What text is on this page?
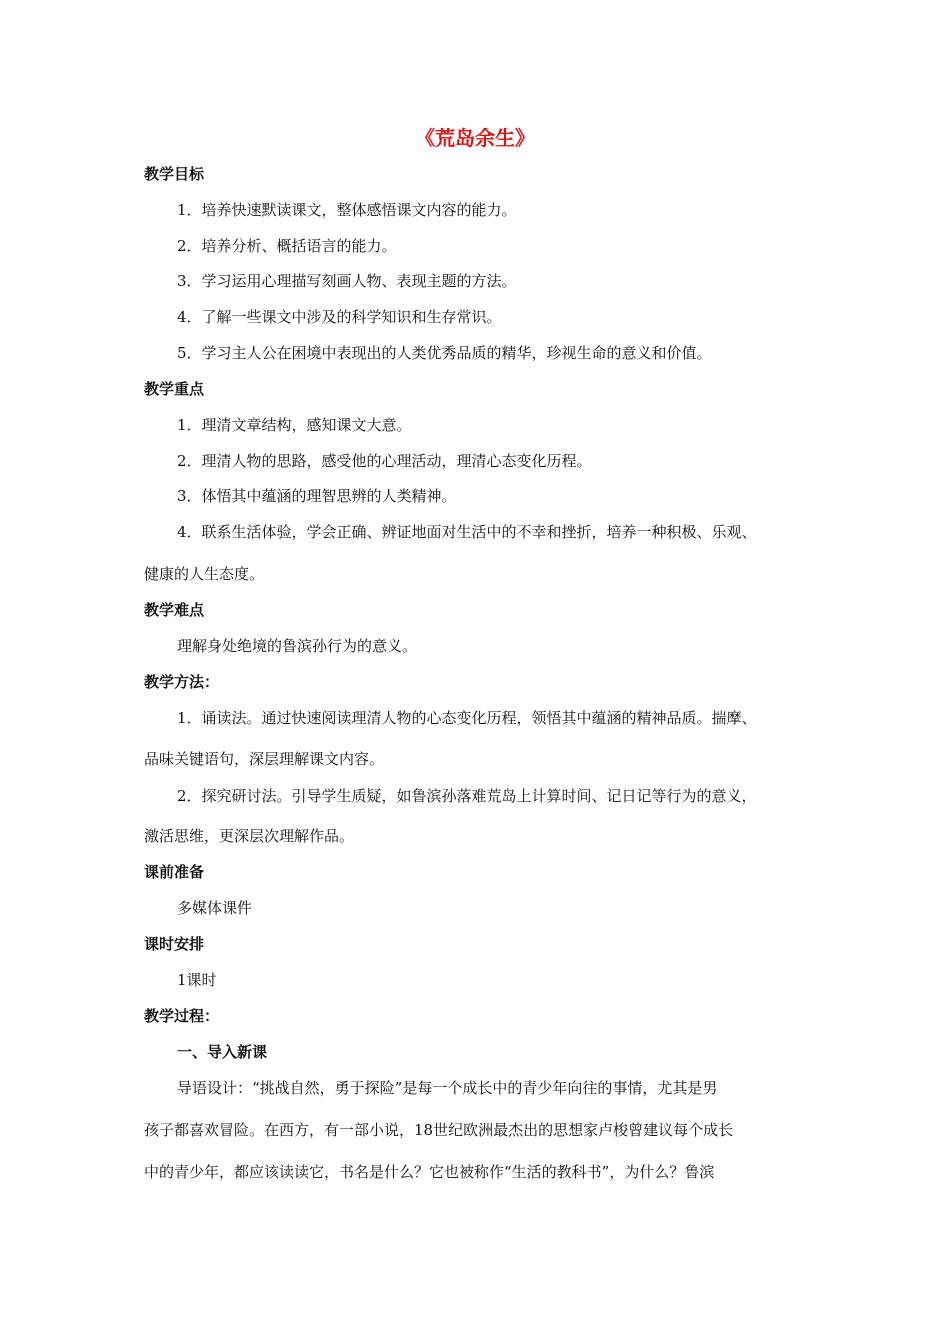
《荒岛余生》
教学目标
1．培养快速默读课文，整体感悟课文内容的能力。
2．培养分析、概括语言的能力。
3．学习运用心理描写刻画人物、表现主题的方法。
4．了解一些课文中涉及的科学知识和生存常识。
5．学习主人公在困境中表现出的人类优秀品质的精华，珍视生命的意义和价值。
教学重点
1．理清文章结构，感知课文大意。
2．理清人物的思路，感受他的心理活动，理清心态变化历程。
3．体悟其中蕴涵的理智思辨的人类精神。
4．联系生活体验，学会正确、辨证地面对生活中的不幸和挫折，培养一种积极、乐观、
健康的人生态度。
教学难点
理解身处绝境的鲁滨孙行为的意义。
教学方法：
1．诵读法。通过快速阅读理清人物的心态变化历程，领悟其中蕴涵的精神品质。揣摩、
品味关键语句，深层理解课文内容。
2．探究研讨法。引导学生质疑，如鲁滨孙落难荒岛上计算时间、记日记等行为的意义，
激活思维，更深层次理解作品。
课前准备
多媒体课件
课时安排
1课时
教学过程：
一、导入新课
导语设计：“挑战自然，勇于探险”是每一个成长中的青少年向往的事情，尤其是男
孩子都喜欢冒险。在西方，有一部小说，18世纪欧洲最杰出的思想家卢梭曾建议每个成长
中的青少年，都应该读读它，书名是什么？它也被称作“生活的教科书”，为什么？鲁滨
